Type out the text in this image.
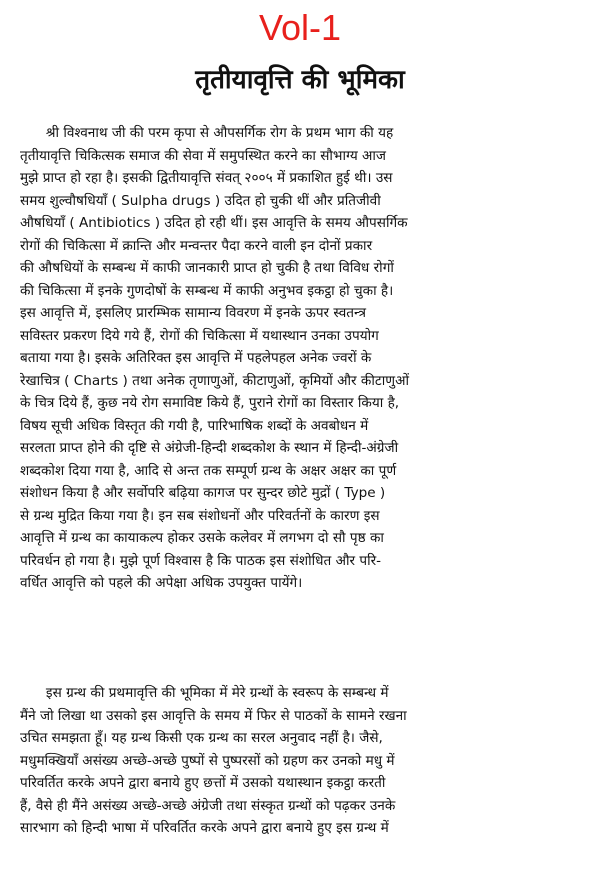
Vol-1
तृतीयावृत्ति की भूमिका
श्री विश्वनाथ जी की परम कृपा से औपसर्गिक रोग के प्रथम भाग की यह
तृतीयावृत्ति चिकित्सक समाज की सेवा में समुपस्थित करने का सौभाग्य आज
मुझे प्राप्त हो रहा है। इसकी द्वितीयावृत्ति संवत् २००५ में प्रकाशित हुई थी। उस
समय शुल्वौषधियाँ ( Sulpha drugs ) उदित हो चुकी थीं और प्रतिजीवी
औषधियाँ ( Antibiotics ) उदित हो रही थीं। इस आवृत्ति के समय औपसर्गिक
रोगों की चिकित्सा में क्रान्ति और मन्वन्तर पैदा करने वाली इन दोनों प्रकार
की औषधियों के सम्बन्ध में काफी जानकारी प्राप्त हो चुकी है तथा विविध रोगों
की चिकित्सा में इनके गुणदोषों के सम्बन्ध में काफी अनुभव इकट्ठा हो चुका है।
इस आवृत्ति में, इसलिए प्रारम्भिक सामान्य विवरण में इनके ऊपर स्वतन्त्र
सविस्तर प्रकरण दिये गये हैं, रोगों की चिकित्सा में यथास्थान उनका उपयोग
बताया गया है। इसके अतिरिक्त इस आवृत्ति में पहलेपहल अनेक ज्वरों के
रेखाचित्र ( Charts ) तथा अनेक तृणाणुओं, कीटाणुओं, कृमियों और कीटाणुओं
के चित्र दिये हैं, कुछ नये रोग समाविष्ट किये हैं, पुराने रोगों का विस्तार किया है,
विषय सूची अधिक विस्तृत की गयी है, पारिभाषिक शब्दों के अवबोधन में
सरलता प्राप्त होने की दृष्टि से अंग्रेजी-हिन्दी शब्दकोश के स्थान में हिन्दी-अंग्रेजी
शब्दकोश दिया गया है, आदि से अन्त तक सम्पूर्ण ग्रन्थ के अक्षर अक्षर का पूर्ण
संशोधन किया है और सर्वोपरि बढ़िया कागज पर सुन्दर छोटे मुद्रों ( Type )
से ग्रन्थ मुद्रित किया गया है। इन सब संशोधनों और परिवर्तनों के कारण इस
आवृत्ति में ग्रन्थ का कायाकल्प होकर उसके कलेवर में लगभग दो सौ पृष्ठ का
परिवर्धन हो गया है। मुझे पूर्ण विश्वास है कि पाठक इस संशोधित और परि-
वर्धित आवृत्ति को पहले की अपेक्षा अधिक उपयुक्त पायेंगे।
इस ग्रन्थ की प्रथमावृत्ति की भूमिका में मेरे ग्रन्थों के स्वरूप के सम्बन्ध में
मैंने जो लिखा था उसको इस आवृत्ति के समय में फिर से पाठकों के सामने रखना
उचित समझता हूँ। यह ग्रन्थ किसी एक ग्रन्थ का सरल अनुवाद नहीं है। जैसे,
मधुमक्खियाँ असंख्य अच्छे-अच्छे पुष्पों से पुष्परसों को ग्रहण कर उनको मधु में
परिवर्तित करके अपने द्वारा बनाये हुए छत्तों में उसको यथास्थान इकट्ठा करती
हैं, वैसे ही मैंने असंख्य अच्छे-अच्छे अंग्रेजी तथा संस्कृत ग्रन्थों को पढ़कर उनके
सारभाग को हिन्दी भाषा में परिवर्तित करके अपने द्वारा बनाये हुए इस ग्रन्थ में
